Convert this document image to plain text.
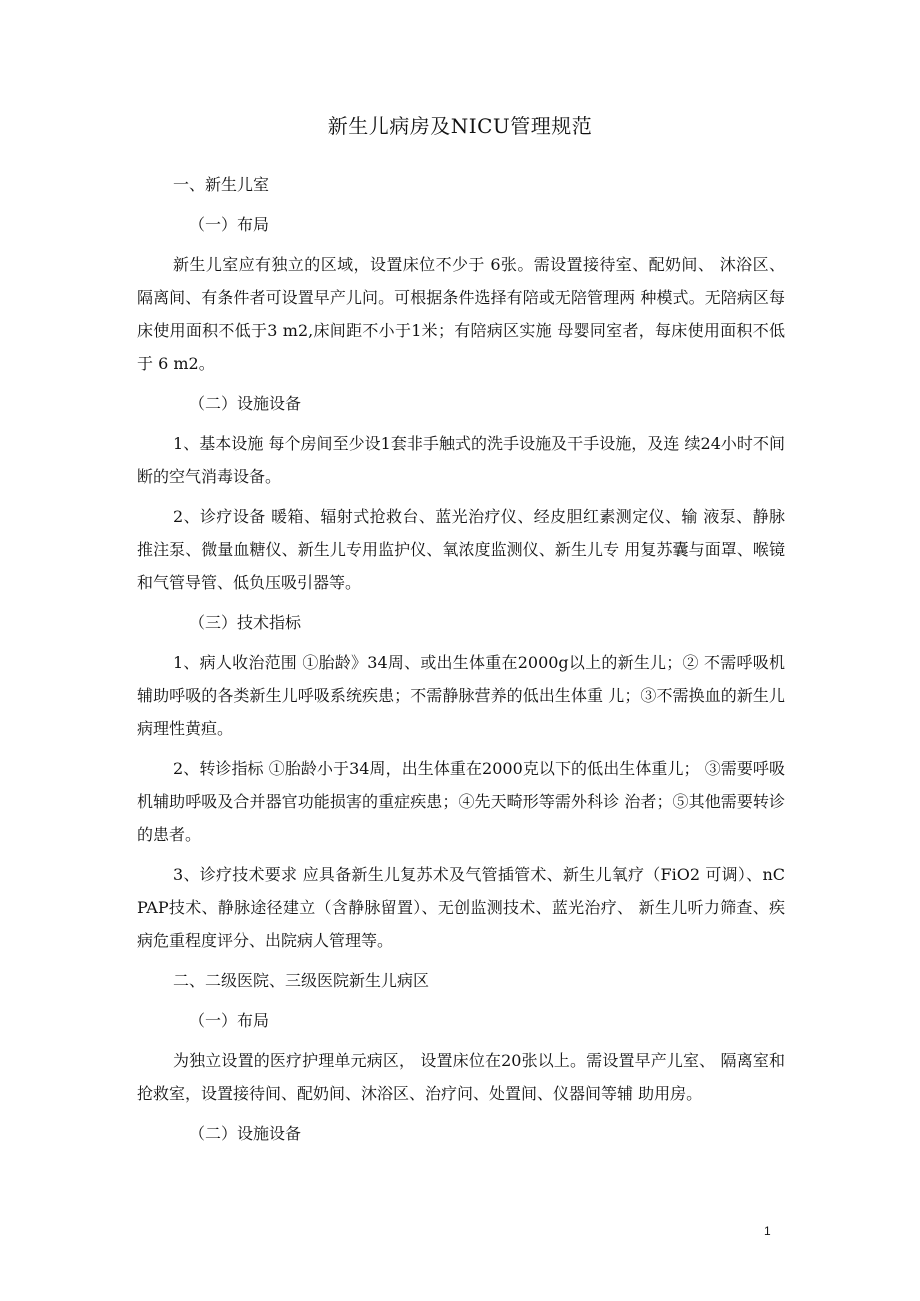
新生儿病房及NICU管理规范
一、新生儿室
（一）布局
新生儿室应有独立的区域，设置床位不少于 6张。需设置接待室、配奶间、 沐浴区、隔离间、有条件者可设置早产儿问。可根据条件选择有陪或无陪管理两 种模式。无陪病区每床使用面积不低于3 m2,床间距不小于1米；有陪病区实施 母婴同室者，每床使用面积不低于 6 m2。
（二）设施设备
1、基本设施 每个房间至少设1套非手触式的洗手设施及干手设施，及连 续24小时不间断的空气消毒设备。
2、诊疗设备 暖箱、辐射式抢救台、蓝光治疗仪、经皮胆红素测定仪、输 液泵、静脉推注泵、微量血糖仪、新生儿专用监护仪、氧浓度监测仪、新生儿专 用复苏囊与面罩、喉镜和气管导管、低负压吸引器等。
（三）技术指标
1、病人收治范围 ①胎龄》34周、或出生体重在2000g以上的新生儿；② 不需呼吸机辅助呼吸的各类新生儿呼吸系统疾患；不需静脉营养的低出生体重 儿；③不需换血的新生儿病理性黄疸。
2、转诊指标 ①胎龄小于34周，出生体重在2000克以下的低出生体重儿； ③需要呼吸机辅助呼吸及合并器官功能损害的重症疾患；④先天畸形等需外科诊 治者；⑤其他需要转诊的患者。
3、诊疗技术要求 应具备新生儿复苏术及气管插管术、新生儿氧疗（FiO2 可调）、nCPAP技术、静脉途径建立（含静脉留置）、无创监测技术、蓝光治疗、 新生儿听力筛查、疾病危重程度评分、出院病人管理等。
二、二级医院、三级医院新生儿病区
（一）布局
为独立设置的医疗护理单元病区， 设置床位在20张以上。需设置早产儿室、 隔离室和抢救室，设置接待间、配奶间、沐浴区、治疗问、处置间、仪器间等辅 助用房。
（二）设施设备
1
